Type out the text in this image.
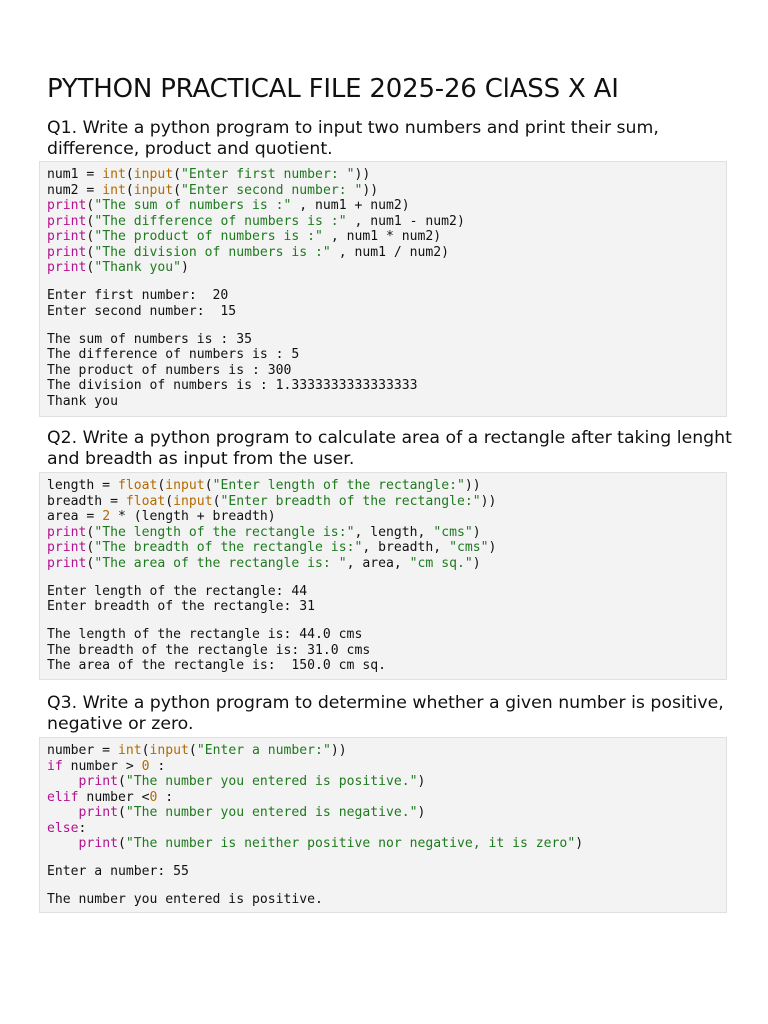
PYTHON PRACTICAL FILE 2025-26 ClASS X AI

Q1. Write a python program to input two numbers and print their sum, difference, product and quotient.

num1 = int(input("Enter first number: "))
num2 = int(input("Enter second number: "))
print("The sum of numbers is :" , num1 + num2)
print("The difference of numbers is :" , num1 - num2)
print("The product of numbers is :" , num1 * num2)
print("The division of numbers is :" , num1 / num2)
print("Thank you")
Enter first number:  20
Enter second number:  15
The sum of numbers is : 35
The difference of numbers is : 5
The product of numbers is : 300
The division of numbers is : 1.3333333333333333
Thank you

Q2. Write a python program to calculate area of a rectangle after taking lenght and breadth as input from the user.

length = float(input("Enter length of the rectangle:"))
breadth = float(input("Enter breadth of the rectangle:"))
area = 2 * (length + breadth)
print("The length of the rectangle is:", length, "cms")
print("The breadth of the rectangle is:", breadth, "cms")
print("The area of the rectangle is: ", area, "cm sq.")
Enter length of the rectangle: 44
Enter breadth of the rectangle: 31
The length of the rectangle is: 44.0 cms
The breadth of the rectangle is: 31.0 cms
The area of the rectangle is:  150.0 cm sq.

Q3. Write a python program to determine whether a given number is positive, negative or zero.

number = int(input("Enter a number:"))
if number > 0 :
print("The number you entered is positive.")
elif number <0 :
print("The number you entered is negative.")
else:
print("The number is neither positive nor negative, it is zero")
Enter a number: 55
The number you entered is positive.
